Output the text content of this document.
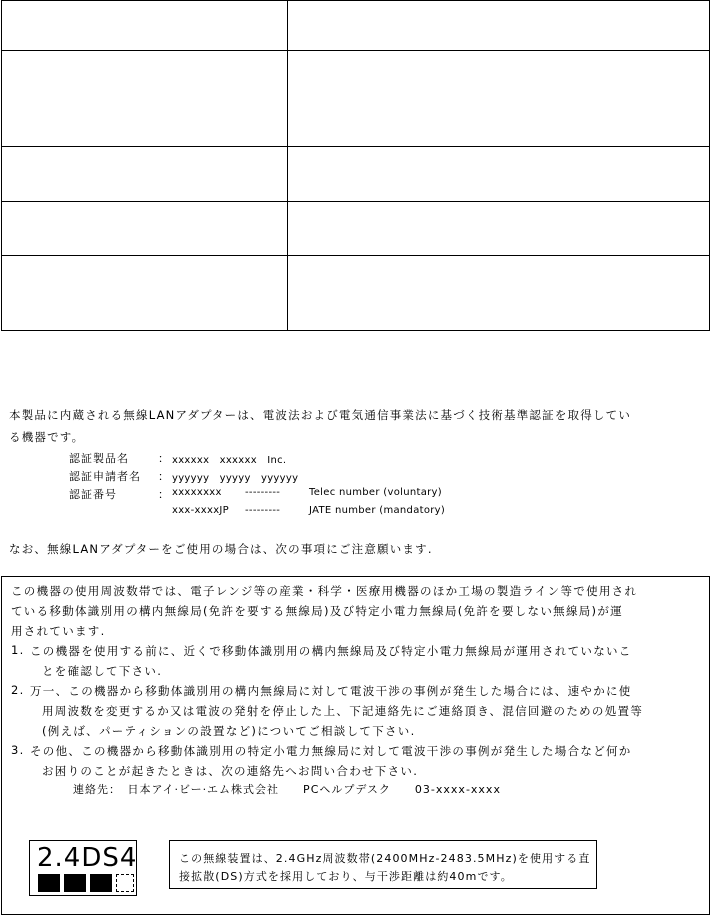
本製品に内蔵される無線LANアダプターは、電波法および電気通信事業法に基づく技術基準認証を取得してい
る機器です。
認証製品名	： xxxxxx　xxxxxx　Inc.
認証申請者名 ： yyyyyy　yyyyy　yyyyyy
認証番号	： xxxxxxxx ---------	Telec number (voluntary)
xxx-xxxxJP ---------	JATE number (mandatory)
なお、無線LANアダプターをご使用の場合は、次の事項にご注意願います.
この機器の使用周波数帯では、電子レンジ等の産業・科学・医療用機器のほか工場の製造ライン等で使用され
ている移動体識別用の構内無線局(免許を要する無線局)及び特定小電力無線局(免許を要しない無線局)が運
用されています.
1. この機器を使用する前に、近くで移動体識別用の構内無線局及び特定小電力無線局が運用されていないこ
とを確認して下さい.
2. 万一、この機器から移動体識別用の構内無線局に対して電波干渉の事例が発生した場合には、速やかに使
用周波数を変更するか又は電波の発射を停止した上、下記連絡先にご連絡頂き、混信回避のための処置等
(例えば、パーティションの設置など)についてご相談して下さい.
3. その他、この機器から移動体識別用の特定小電力無線局に対して電波干渉の事例が発生した場合など何か
お困りのことが起きたときは、次の連絡先へお問い合わせ下さい.
連絡先：　日本アイ·ビー·エム株式会社　　PCヘルプデスク　　03-xxxx-xxxx
2.4DS4	この無線装置は、2.4GHz周波数帯(2400MHz-2483.5MHz)を使用する直
接拡散(DS)方式を採用しており、与干渉距離は約40mです。
